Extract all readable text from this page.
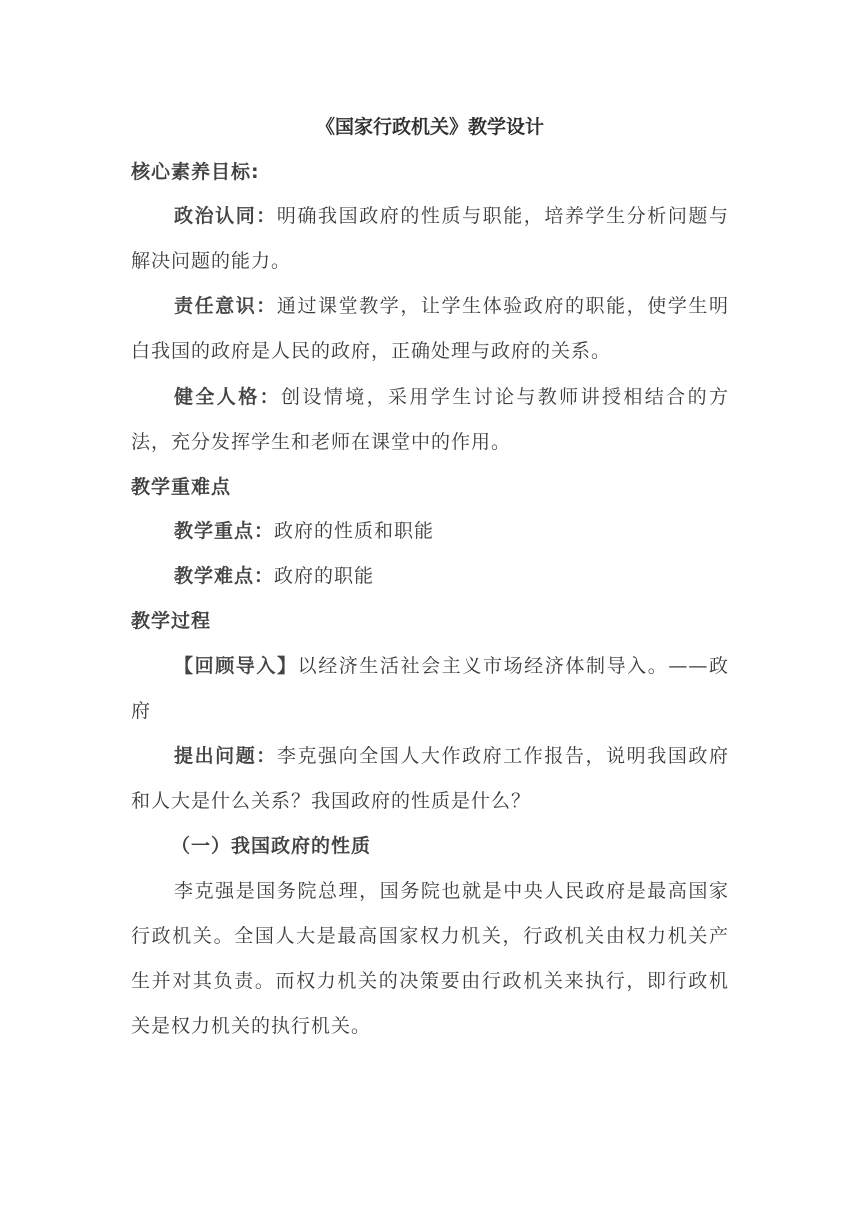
《国家行政机关》教学设计
核心素养目标:
政治认同：明确我国政府的性质与职能，培养学生分析问题与解决问题的能力。
责任意识：通过课堂教学，让学生体验政府的职能，使学生明白我国的政府是人民的政府，正确处理与政府的关系。
健全人格：创设情境，采用学生讨论与教师讲授相结合的方法，充分发挥学生和老师在课堂中的作用。
教学重难点
教学重点：政府的性质和职能
教学难点：政府的职能
教学过程
【回顾导入】以经济生活社会主义市场经济体制导入。——政府
提出问题：李克强向全国人大作政府工作报告，说明我国政府和人大是什么关系？我国政府的性质是什么？
（一）我国政府的性质
李克强是国务院总理，国务院也就是中央人民政府是最高国家行政机关。全国人大是最高国家权力机关，行政机关由权力机关产生并对其负责。而权力机关的决策要由行政机关来执行，即行政机关是权力机关的执行机关。
